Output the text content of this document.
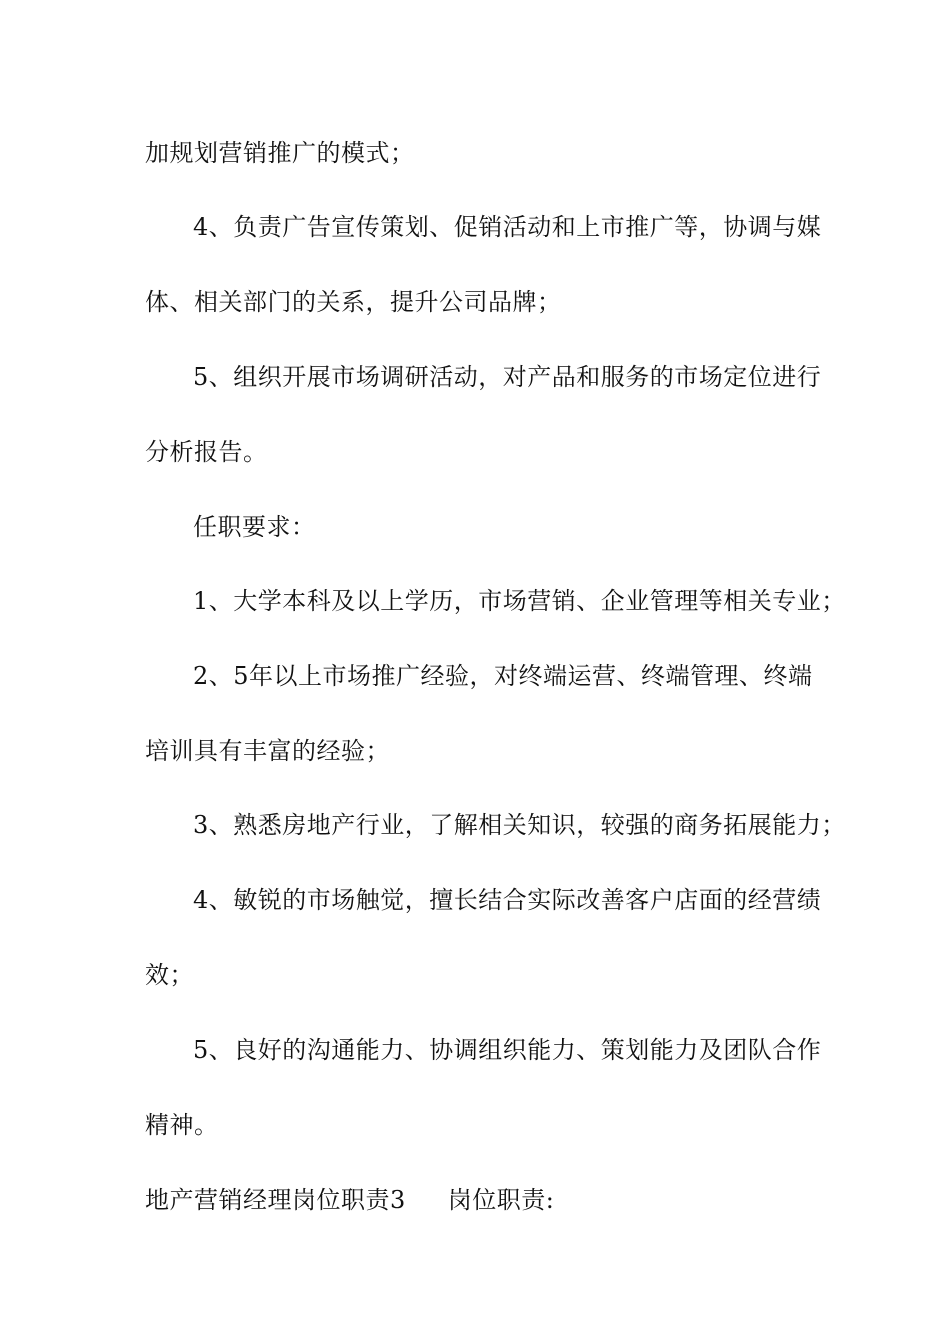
加规划营销推广的模式；
4、负责广告宣传策划、促销活动和上市推广等，协调与媒
体、相关部门的关系，提升公司品牌；
5、组织开展市场调研活动，对产品和服务的市场定位进行
分析报告。
任职要求：
1、大学本科及以上学历，市场营销、企业管理等相关专业；
2、5年以上市场推广经验，对终端运营、终端管理、终端
培训具有丰富的经验；
3、熟悉房地产行业，了解相关知识，较强的商务拓展能力；
4、敏锐的市场触觉，擅长结合实际改善客户店面的经营绩
效；
5、良好的沟通能力、协调组织能力、策划能力及团队合作
精神。
地产营销经理岗位职责3 岗位职责:
